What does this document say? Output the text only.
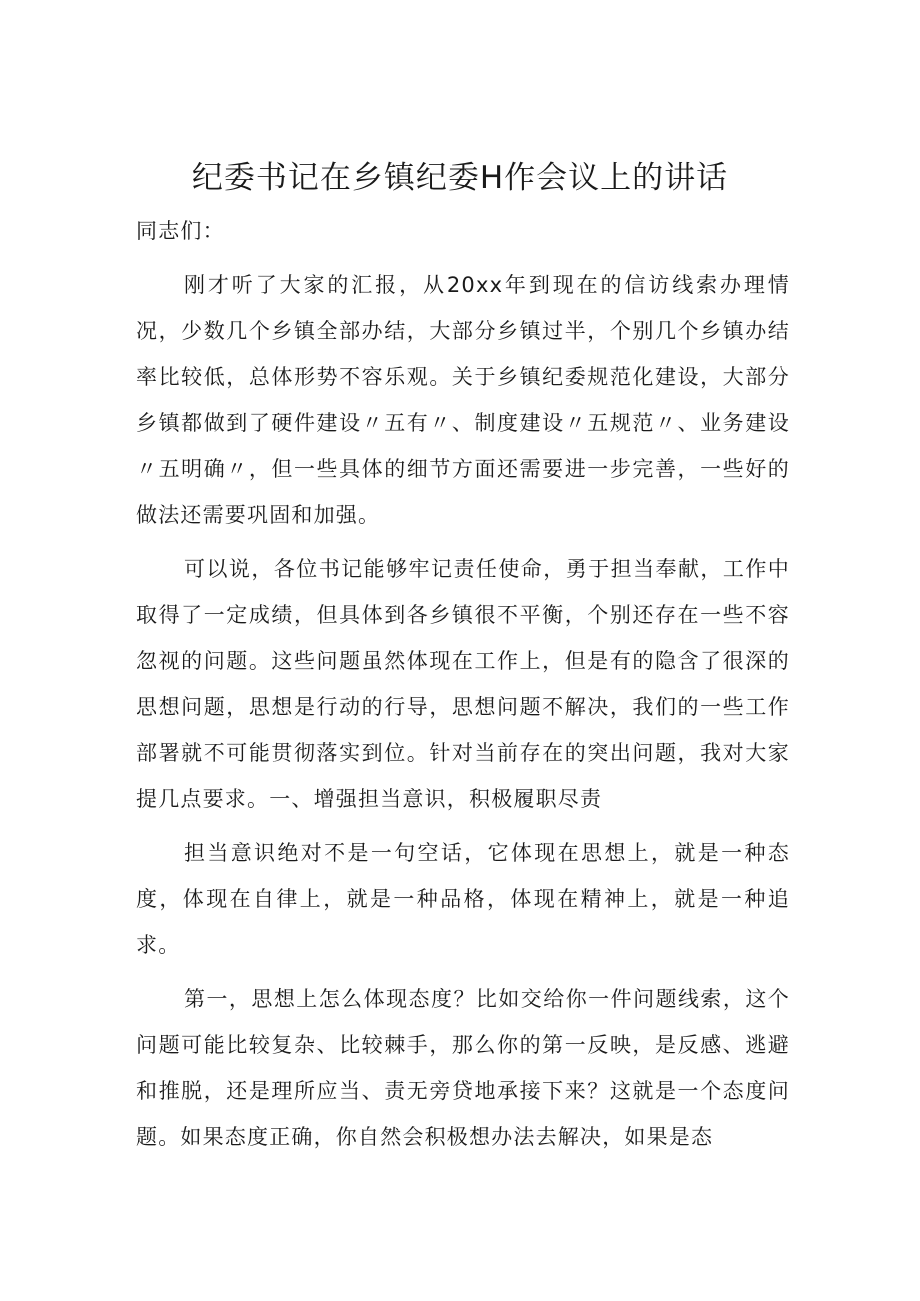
纪委书记在乡镇纪委H作会议上的讲话

同志们：

刚才听了大家的汇报，从20xx年到现在的信访线索办理情况，少数几个乡镇全部办结，大部分乡镇过半，个别几个乡镇办结率比较低，总体形势不容乐观。关于乡镇纪委规范化建设，大部分乡镇都做到了硬件建设〃五有〃、制度建设〃五规范〃、业务建设〃五明确〃，但一些具体的细节方面还需要进一步完善，一些好的做法还需要巩固和加强。

可以说，各位书记能够牢记责任使命，勇于担当奉献，工作中取得了一定成绩，但具体到各乡镇很不平衡，个别还存在一些不容忽视的问题。这些问题虽然体现在工作上，但是有的隐含了很深的思想问题，思想是行动的行导，思想问题不解决，我们的一些工作部署就不可能贯彻落实到位。针对当前存在的突出问题，我对大家提几点要求。一、增强担当意识，积极履职尽责

担当意识绝对不是一句空话，它体现在思想上，就是一种态度，体现在自律上，就是一种品格，体现在精神上，就是一种追求。

第一，思想上怎么体现态度？比如交给你一件问题线索，这个问题可能比较复杂、比较棘手，那么你的第一反映，是反感、逃避和推脱，还是理所应当、责无旁贷地承接下来？这就是一个态度问题。如果态度正确，你自然会积极想办法去解决，如果是态
